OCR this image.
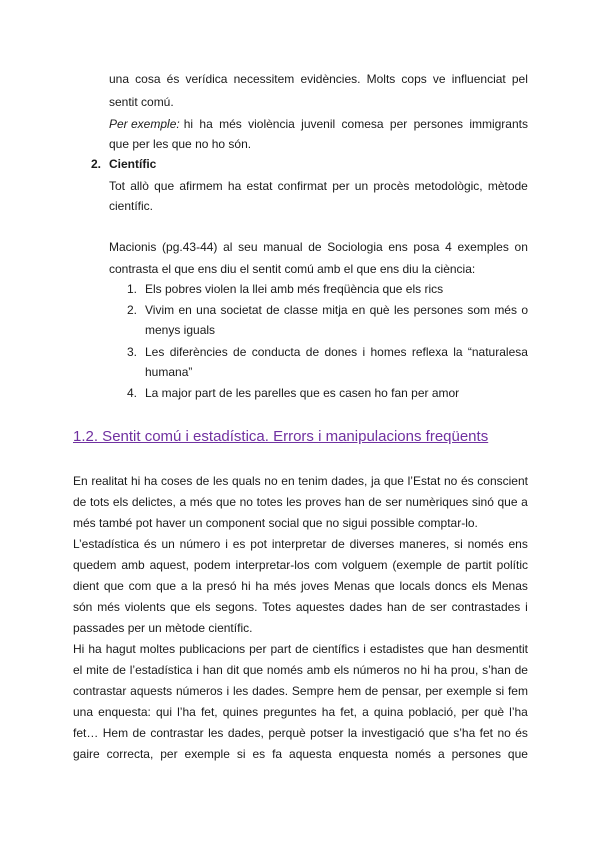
una cosa és verídica necessitem evidències. Molts cops ve influenciat pel
sentit comú.
Per exemple: hi ha més violència juvenil comesa per persones immigrants
que per les que no ho són.
2. Científic
Tot allò que afirmem ha estat confirmat per un procès metodològic, mètode
científic.
Macionis (pg.43-44) al seu manual de Sociologia ens posa 4 exemples on
contrasta el que ens diu el sentit comú amb el que ens diu la ciència:
1. Els pobres violen la llei amb més freqüència que els rics
2. Vivim en una societat de classe mitja en què les persones som més o
menys iguals
3. Les diferències de conducta de dones i homes reflexa la “naturalesa
humana”
4. La major part de les parelles que es casen ho fan per amor
1.2. Sentit comú i estadística. Errors i manipulacions freqüents
En realitat hi ha coses de les quals no en tenim dades, ja que l’Estat no és conscient
de tots els delictes, a més que no totes les proves han de ser numèriques sinó que a
més també pot haver un component social que no sigui possible comptar-lo.
L’estadística és un número i es pot interpretar de diverses maneres, si només ens
quedem amb aquest, podem interpretar-los com volguem (exemple de partit polític
dient que com que a la presó hi ha més joves Menas que locals doncs els Menas
són més violents que els segons. Totes aquestes dades han de ser contrastades i
passades per un mètode científic.
Hi ha hagut moltes publicacions per part de científics i estadistes que han desmentit
el mite de l’estadística i han dit que només amb els números no hi ha prou, s’han de
contrastar aquests números i les dades. Sempre hem de pensar, per exemple si fem
una enquesta: qui l’ha fet, quines preguntes ha fet, a quina població, per què l’ha
fet… Hem de contrastar les dades, perquè potser la investigació que s’ha fet no és
gaire correcta, per exemple si es fa aquesta enquesta només a persones que
